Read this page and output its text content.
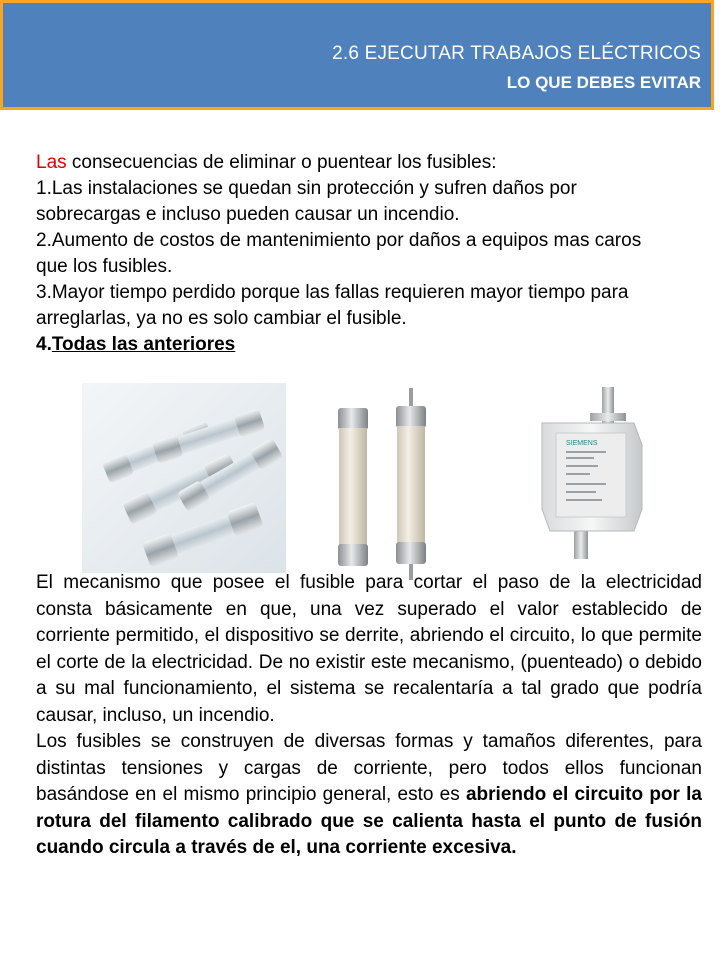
2.6 EJECUTAR TRABAJOS ELÉCTRICOS
LO QUE DEBES EVITAR

Las consecuencias de eliminar o puentear los fusibles:

1.Las instalaciones se quedan sin protección y sufren daños por sobrecargas e incluso pueden causar un incendio.

2.Aumento de costos de mantenimiento por daños a equipos mas caros que los fusibles.

3.Mayor tiempo perdido porque las fallas requieren mayor tiempo para arreglarlas, ya no es solo cambiar el fusible.

4.Todas las anteriores

SIEMENS

El mecanismo que posee el fusible para cortar el paso de la electricidad consta básicamente en que, una vez superado el valor establecido de corriente permitido, el dispositivo se derrite, abriendo el circuito, lo que permite el corte de la electricidad. De no existir este mecanismo, (puenteado) o debido a su mal funcionamiento, el sistema se recalentaría a tal grado que podría causar, incluso, un incendio.

Los fusibles se construyen de diversas formas y tamaños diferentes, para distintas tensiones y cargas de corriente, pero todos ellos funcionan basándose en el mismo principio general, esto es abriendo el circuito por la rotura del filamento calibrado que se calienta hasta el punto de fusión cuando circula a través de el, una corriente excesiva.
